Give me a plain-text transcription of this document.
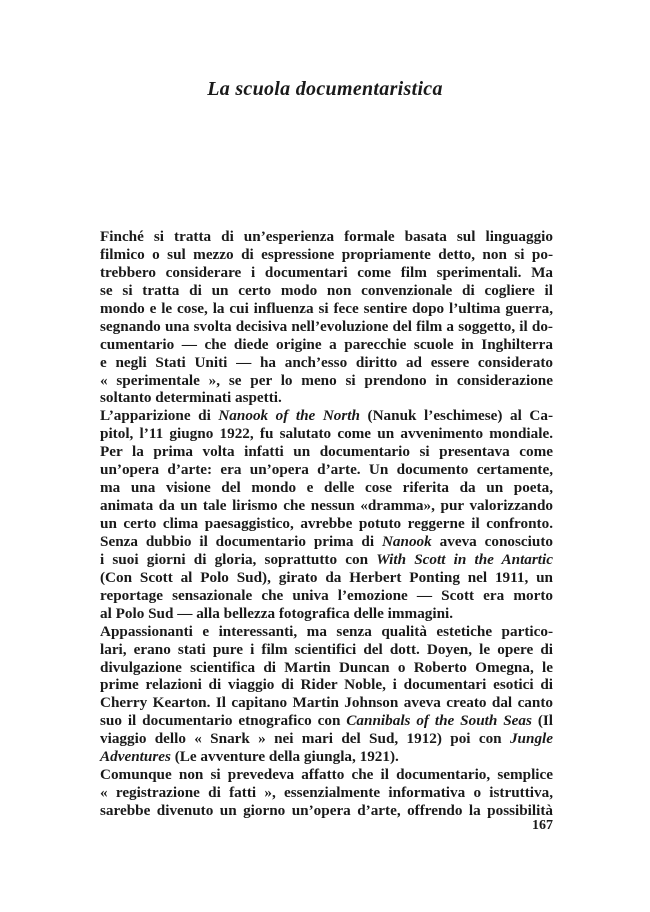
La scuola documentaristica
Finché si tratta di un’esperienza formale basata sul linguaggio
filmico o sul mezzo di espressione propriamente detto, non si po-
trebbero considerare i documentari come film sperimentali. Ma
se si tratta di un certo modo non convenzionale di cogliere il
mondo e le cose, la cui influenza si fece sentire dopo l’ultima guerra,
segnando una svolta decisiva nell’evoluzione del film a soggetto, il do-
cumentario — che diede origine a parecchie scuole in Inghilterra
e negli Stati Uniti — ha anch’esso diritto ad essere considerato
« sperimentale », se per lo meno si prendono in considerazione
soltanto determinati aspetti.
L’apparizione di Nanook of the North (Nanuk l’eschimese) al Ca-
pitol, l’11 giugno 1922, fu salutato come un avvenimento mondiale.
Per la prima volta infatti un documentario si presentava come
un’opera d’arte: era un’opera d’arte. Un documento certamente,
ma una visione del mondo e delle cose riferita da un poeta,
animata da un tale lirismo che nessun «dramma», pur valorizzando
un certo clima paesaggistico, avrebbe potuto reggerne il confronto.
Senza dubbio il documentario prima di Nanook aveva conosciuto
i suoi giorni di gloria, soprattutto con With Scott in the Antartic
(Con Scott al Polo Sud), girato da Herbert Ponting nel 1911, un
reportage sensazionale che univa l’emozione — Scott era morto
al Polo Sud — alla bellezza fotografica delle immagini.
Appassionanti e interessanti, ma senza qualità estetiche partico-
lari, erano stati pure i film scientifici del dott. Doyen, le opere di
divulgazione scientifica di Martin Duncan o Roberto Omegna, le
prime relazioni di viaggio di Rider Noble, i documentari esotici di
Cherry Kearton. Il capitano Martin Johnson aveva creato dal canto
suo il documentario etnografico con Cannibals of the South Seas (Il
viaggio dello « Snark » nei mari del Sud, 1912) poi con Jungle
Adventures (Le avventure della giungla, 1921).
Comunque non si prevedeva affatto che il documentario, semplice
« registrazione di fatti », essenzialmente informativa o istruttiva,
sarebbe divenuto un giorno un’opera d’arte, offrendo la possibilità
167
